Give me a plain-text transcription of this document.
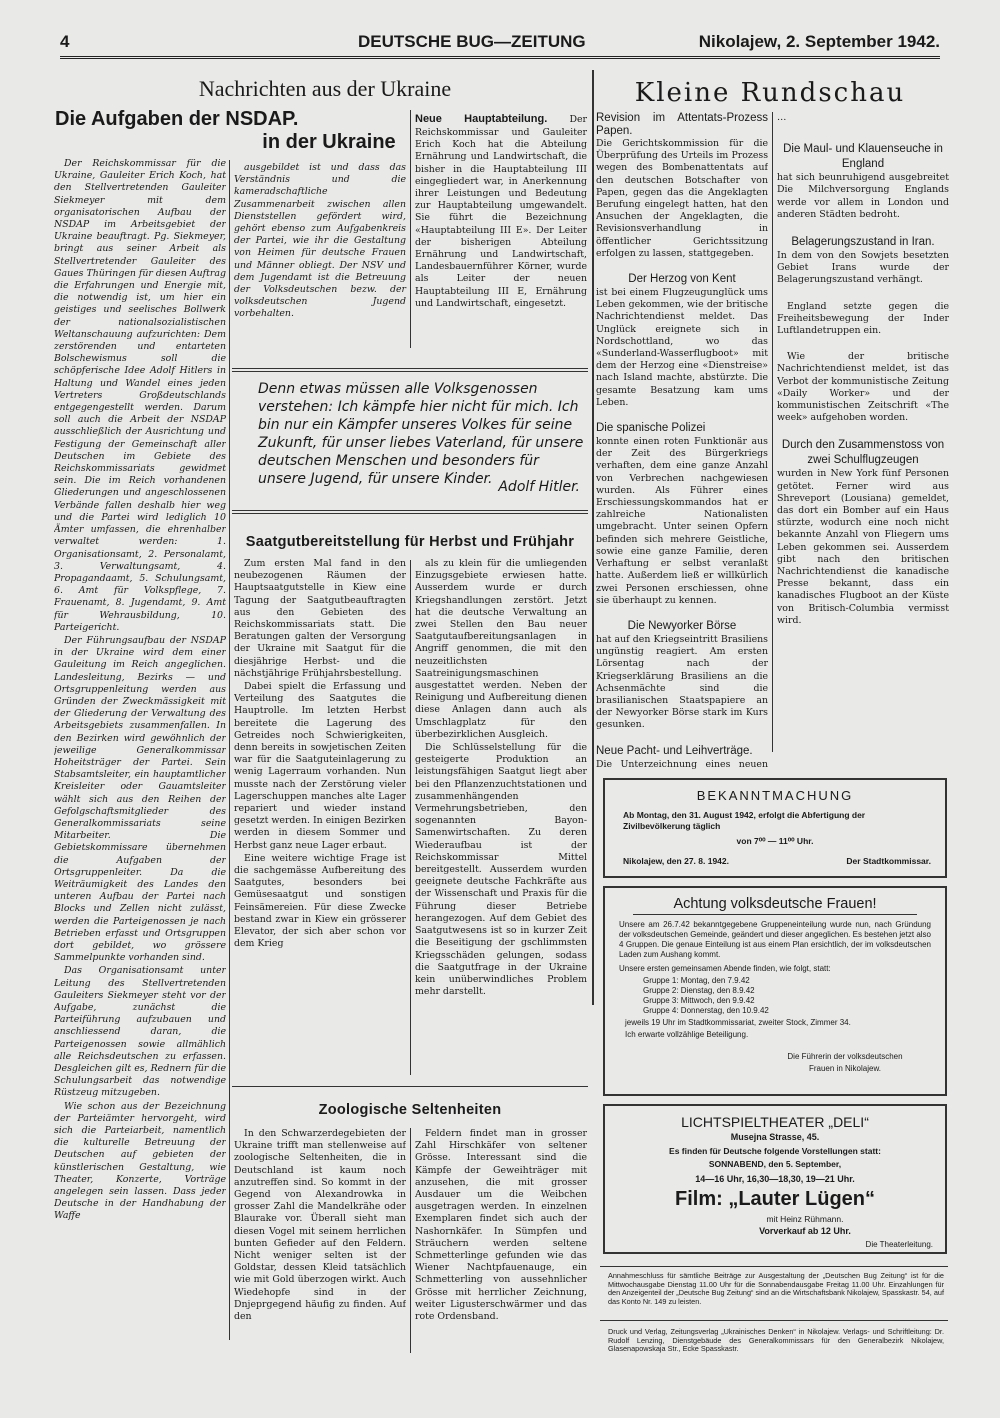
4	DEUTSCHE BUG—ZEITUNG	Nikolajew, 2. September 1942.
Nachrichten aus der Ukraine
Die Aufgaben der NSDAP.
in der Ukraine

Der Reichskommissar für die Ukraine, Gauleiter Erich Koch, hat den Stellvertretenden Gauleiter Siekmeyer mit dem organisatorischen Aufbau der NSDAP im Arbeitsgebiet der Ukraine beauftragt. Pg. Siekmeyer, bringt aus seiner Arbeit als Stellvertretender Gauleiter des Gaues Thüringen für diesen Auftrag die Erfahrungen und Energie mit, die notwendig ist, um hier ein geistiges und seelisches Bollwerk der nationalsozialistischen Weltanschauung aufzurichten: Dem zerstörenden und entarteten Bolschewismus soll die schöpferische Idee Adolf Hitlers in Haltung und Wandel eines jeden Vertreters Großdeutschlands entgegengestellt werden. Darum soll auch die Arbeit der NSDAP ausschließlich der Ausrichtung und Festigung der Gemeinschaft aller Deutschen im Gebiete des Reichskommissariats gewidmet sein. Die im Reich vorhandenen Gliederungen und angeschlossenen Verbände fallen deshalb hier weg und die Partei wird lediglich 10 Ämter umfassen, die ehrenhalber verwaltet werden: 1. Organisationsamt, 2. Personalamt, 3. Verwaltungsamt, 4. Propagandaamt, 5. Schulungsamt, 6. Amt für Volkspflege, 7. Frauenamt, 8. Jugendamt, 9. Amt für Wehrausbildung, 10. Parteigericht.

Der Führungsaufbau der NSDAP in der Ukraine wird dem einer Gauleitung im Reich angeglichen. Landesleitung, Bezirks — und Ortsgruppenleitung werden aus Gründen der Zweckmässigkeit mit der Gliederung der Verwaltung des Arbeitsgebiets zusammenfallen. In den Bezirken wird gewöhnlich der jeweilige Generalkommissar Hoheitsträger der Partei. Sein Stabsamtsleiter, ein hauptamtlicher Kreisleiter oder Gauamtsleiter wählt sich aus den Reihen der Gefolgschaftsmitglieder des Generalkommissariats seine Mitarbeiter. Die Gebietskommissare übernehmen die Aufgaben der Ortsgruppenleiter. Da die Weiträumigkeit des Landes den unteren Aufbau der Partei nach Blocks und Zellen nicht zulässt, werden die Parteigenossen je nach Betrieben erfasst und Ortsgruppen dort gebildet, wo grössere Sammelpunkte vorhanden sind.

Das Organisationsamt unter Leitung des Stellvertretenden Gauleiters Siekmeyer steht vor der Aufgabe, zunächst die Parteiführung aufzubauen und anschliessend daran, die Parteigenossen sowie allmählich alle Reichsdeutschen zu erfassen. Desgleichen gilt es, Rednern für die Schulungsarbeit das notwendige Rüstzeug mitzugeben.

Wie schon aus der Bezeichnung der Parteiämter hervorgeht, wird sich die Parteiarbeit, namentlich die kulturelle Betreuung der Deutschen auf gebieten der künstlerischen Gestaltung, wie Theater, Konzerte, Vorträge angelegen sein lassen. Dass jeder Deutsche in der Handhabung der Waffe

ausgebildet ist und dass das Verständnis und die kameradschaftliche Zusammenarbeit zwischen allen Dienststellen gefördert wird, gehört ebenso zum Aufgabenkreis der Partei, wie ihr die Gestaltung von Heimen für deutsche Frauen und Männer obliegt. Der NSV und dem Jugendamt ist die Betreuung der Volksdeutschen bezw. der volksdeutschen Jugend vorbehalten.

Neue Hauptabteilung. Der Reichskommissar und Gauleiter Erich Koch hat die Abteilung Ernährung und Landwirtschaft, die bisher in die Hauptabteilung III eingegliedert war, in Anerkennung ihrer Leistungen und Bedeutung zur Hauptabteilung umgewandelt. Sie führt die Bezeichnung «Hauptabteilung III E». Der Leiter der bisherigen Abteilung Ernährung und Landwirtschaft, Landesbauernführer Körner, wurde als Leiter der neuen Hauptabteilung III E, Ernährung und Landwirtschaft, eingesetzt.
Denn etwas müssen alle Volksgenossen verstehen: Ich kämpfe hier nicht für mich. Ich bin nur ein Kämpfer unseres Volkes für seine Zukunft, für unser liebes Vaterland, für unsere deutschen Menschen und besonders für unsere Jugend, für unsere Kinder. Adolf Hitler.
Saatgutbereitstellung für Herbst und Frühjahr

Zum ersten Mal fand in den neubezogenen Räumen der Hauptsaatgutstelle in Kiew eine Tagung der Saatgutbeauftragten aus den Gebieten des Reichskommissariats statt. Die Beratungen galten der Versorgung der Ukraine mit Saatgut für die diesjährige Herbst- und die nächstjährige Frühjahrsbestellung.

Dabei spielt die Erfassung und Verteilung des Saatgutes die Hauptrolle. Im letzten Herbst bereitete die Lagerung des Getreides noch Schwierigkeiten, denn bereits in sowjetischen Zeiten war für die Saatguteinlagerung zu wenig Lagerraum vorhanden. Nun musste nach der Zerstörung vieler Lagerschuppen manches alte Lager repariert und wieder instand gesetzt werden. In einigen Bezirken werden in diesem Sommer und Herbst ganz neue Lager erbaut.

Eine weitere wichtige Frage ist die sachgemässe Aufbereitung des Saatgutes, besonders bei Gemüsesaatgut und sonstigen Feinsämereien. Für diese Zwecke bestand zwar in Kiew ein grösserer Elevator, der sich aber schon vor dem Krieg

als zu klein für die umliegenden Einzugsgebiete erwiesen hatte. Ausserdem wurde er durch Kriegshandlungen zerstört. Jetzt hat die deutsche Verwaltung an zwei Stellen den Bau neuer Saatgutaufbereitungsanlagen in Angriff genommen, die mit den neuzeitlichsten Saatreinigungsmaschinen ausgestattet werden. Neben der Reinigung und Aufbereitung dienen diese Anlagen dann auch als Umschlagplatz für den überbezirklichen Ausgleich.

Die Schlüsselstellung für die gesteigerte Produktion an leistungsfähigen Saatgut liegt aber bei den Pflanzenzuchtstationen und zusammenhängenden Vermehrungsbetrieben, den sogenannten Bayon-Samenwirtschaften. Zu deren Wiederaufbau ist der Reichskommissar Mittel bereitgestellt. Ausserdem wurden geeignete deutsche Fachkräfte aus der Wissenschaft und Praxis für die Führung dieser Betriebe herangezogen. Auf dem Gebiet des Saatgutwesens ist so in kurzer Zeit die Beseitigung der gschlimmsten Kriegsschäden gelungen, sodass die Saatgutfrage in der Ukraine kein unüberwindliches Problem mehr darstellt.

Zoologische Seltenheiten

In den Schwarzerdegebieten der Ukraine trifft man stellenweise auf zoologische Seltenheiten, die in Deutschland ist kaum noch anzutreffen sind. So kommt in der Gegend von Alexandrowka in grosser Zahl die Mandelkrähe oder Blaurake vor. Überall sieht man diesen Vogel mit seinem herrlichen bunten Gefieder auf den Feldern. Nicht weniger selten ist der Goldstar, dessen Kleid tatsächlich wie mit Gold überzogen wirkt. Auch Wiedehopfe sind in der Dnjeprgegend häufig zu finden. Auf den

Feldern findet man in grosser Zahl Hirschkäfer von seltener Grösse. Interessant sind die Kämpfe der Geweihträger mit anzusehen, die mit grosser Ausdauer um die Weibchen ausgetragen werden. In einzelnen Exemplaren findet sich auch der Nashornkäfer. In Sümpfen und Sträuchern werden seltene Schmetterlinge gefunden wie das Wiener Nachtpfauenauge, ein Schmetterling von aussehnlicher Grösse mit herrlicher Zeichnung, weiter Ligusterschwärmer und das rote Ordensband.

Kleine Rundschau
Revision im Attentats-Prozess Papen.

Die Gerichtskommission für die Überprüfung des Urteils im Prozess wegen des Bombenattentats auf den deutschen Botschafter von Papen, gegen das die Angeklagten Berufung eingelegt hatten, hat den Ansuchen der Angeklagten, die Revisionsverhandlung in öffentlicher Gerichtssitzung erfolgen zu lassen, stattgegeben.

Der Herzog von Kent

ist bei einem Flugzeugunglück ums Leben gekommen, wie der britische Nachrichtendienst meldet. Das Unglück ereignete sich in Nordschottland, wo das «Sunderland-Wasserflugboot» mit dem der Herzog eine «Dienstreise» nach Island machte, abstürzte. Die gesamte Besatzung kam ums Leben.

Die spanische Polizei

konnte einen roten Funktionär aus der Zeit des Bürgerkriegs verhaften, dem eine ganze Anzahl von Verbrechen nachgewiesen wurden. Als Führer eines Erschiessungskommandos hat er zahlreiche Nationalisten umgebracht. Unter seinen Opfern befinden sich mehrere Geistliche, sowie eine ganze Familie, deren Verhaftung er selbst veranlaßt hatte. Außerdem ließ er willkürlich zwei Personen erschiessen, ohne sie überhaupt zu kennen.

Die Newyorker Börse

hat auf den Kriegseintritt Brasiliens ungünstig reagiert. Am ersten Lörsentag nach der Kriegserklärung Brasiliens an die Achsenmächte sind die brasilianischen Staatspapiere an der Newyorker Börse stark im Kurs gesunken.

Neue Pacht- und Leihverträge.

Die Unterzeichnung eines neuen

…

Die Maul- und Klauenseuche in England

hat sich beunruhigend ausgebreitet Die Milchversorgung Englands werde vor allem in London und anderen Städten bedroht.

Belagerungszustand in Iran.

In dem von den Sowjets besetzten Gebiet Irans wurde der Belagerungszustand verhängt.

England setzte gegen die Freiheitsbewegung der Inder Luftlandetruppen ein.

Wie der britische Nachrichtendienst meldet, ist das Verbot der kommunistische Zeitung «Daily Worker» und der kommunistischen Zeitschrift «The week» aufgehoben worden.

Durch den Zusammenstoss von zwei Schulflugzeugen

wurden in New York fünf Personen getötet. Ferner wird aus Shreveport (Lousiana) gemeldet, das dort ein Bomber auf ein Haus stürzte, wodurch eine noch nicht bekannte Anzahl von Fliegern ums Leben gekommen sei. Ausserdem gibt nach den britischen Nachrichtendienst die kanadische Presse bekannt, dass ein kanadisches Flugboot an der Küste von Britisch-Columbia vermisst wird.

BEKANNTMACHUNG
Ab Montag, den 31. August 1942, erfolgt die Abfertigung der Zivilbevölkerung täglich
von 7⁰⁰ — 11⁰⁰ Uhr.
Nikolajew, den 27. 8. 1942.	Der Stadtkommissar.
Achtung volksdeutsche Frauen!
Unsere am 26.7.42 bekanntgegebene Gruppeneinteilung wurde nun, nach Gründung der volksdeutschen Gemeinde, geändert und dieser angeglichen. Es bestehen jetzt also 4 Gruppen. Die genaue Einteilung ist aus einem Plan ersichtlich, der im volksdeutschen Laden zum Aushang kommt.
Unsere ersten gemeinsamen Abende finden, wie folgt, statt:
Gruppe 1: Montag, den 7.9.42
Gruppe 2: Dienstag, den 8.9.42
Gruppe 3: Mittwoch, den 9.9.42
Gruppe 4: Donnerstag, den 10.9.42
jeweils 19 Uhr im Stadtkommissariat, zweiter Stock, Zimmer 34.
Ich erwarte vollzählige Beteiligung.
Die Führerin der volksdeutschen
Frauen in Nikolajew.
LICHTSPIELTHEATER „DELI“
Musejna Strasse, 45.
Es finden für Deutsche folgende Vorstellungen statt:
SONNABEND, den 5. September,
14—16 Uhr, 16,30—18,30, 19—21 Uhr.
Film: „Lauter Lügen“
mit Heinz Rühmann.
Vorverkauf ab 12 Uhr.
Die Theaterleitung.
Annahmeschluss für sämtliche Beiträge zur Ausgestaltung der „Deutschen Bug Zeitung“ ist für die Mittwochausgabe Dienstag 11.00 Uhr für die Sonnabendausgabe Freitag 11.00 Uhr. Einzahlungen für den Anzeigenteil der „Deutsche Bug Zeitung“ sind an die Wirtschaftsbank Nikolajew, Spasskastr. 54, auf das Konto Nr. 149 zu leisten.
Druck und Verlag, Zeitungsverlag „Ukrainisches Denken“ in Nikolajew. Verlags- und Schriftleitung: Dr. Rudolf Lenzing, Dienstgebäude des Generalkommissars für den Generalbezirk Nikolajew, Glasenapowskaja Str., Ecke Spasskastr.
